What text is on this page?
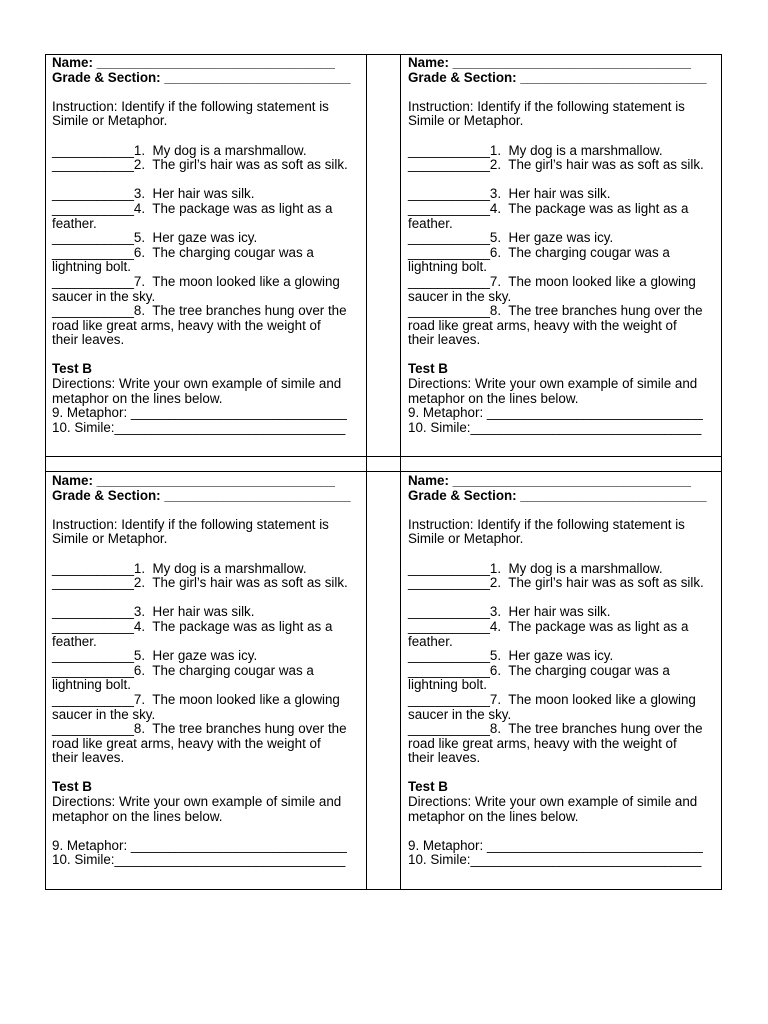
Name: ________________________________

Grade & Section: _________________________

Instruction: Identify if the following statement is

Simile or Metaphor.

___________1.  My dog is a marshmallow.

___________2.  The girl’s hair was as soft as silk.

___________3.  Her hair was silk.

___________4.  The package was as light as a

feather.

___________5.  Her gaze was icy.

___________6.  The charging cougar was a

lightning bolt.

___________7.  The moon looked like a glowing

saucer in the sky.

___________8.  The tree branches hung over the

road like great arms, heavy with the weight of

their leaves.

Test B

Directions: Write your own example of simile and

metaphor on the lines below.

9. Metaphor: _____________________________

10. Simile:_______________________________

Name: ________________________________

Grade & Section: _________________________

Instruction: Identify if the following statement is

Simile or Metaphor.

___________1.  My dog is a marshmallow.

___________2.  The girl’s hair was as soft as silk.

___________3.  Her hair was silk.

___________4.  The package was as light as a

feather.

___________5.  Her gaze was icy.

___________6.  The charging cougar was a

lightning bolt.

___________7.  The moon looked like a glowing

saucer in the sky.

___________8.  The tree branches hung over the

road like great arms, heavy with the weight of

their leaves.

Test B

Directions: Write your own example of simile and

metaphor on the lines below.

9. Metaphor: _____________________________

10. Simile:_______________________________

Name: ________________________________

Grade & Section: _________________________

Instruction: Identify if the following statement is

Simile or Metaphor.

___________1.  My dog is a marshmallow.

___________2.  The girl’s hair was as soft as silk.

___________3.  Her hair was silk.

___________4.  The package was as light as a

feather.

___________5.  Her gaze was icy.

___________6.  The charging cougar was a

lightning bolt.

___________7.  The moon looked like a glowing

saucer in the sky.

___________8.  The tree branches hung over the

road like great arms, heavy with the weight of

their leaves.

Test B

Directions: Write your own example of simile and

metaphor on the lines below.

9. Metaphor: _____________________________

10. Simile:_______________________________

Name: ________________________________

Grade & Section: _________________________

Instruction: Identify if the following statement is

Simile or Metaphor.

___________1.  My dog is a marshmallow.

___________2.  The girl’s hair was as soft as silk.

___________3.  Her hair was silk.

___________4.  The package was as light as a

feather.

___________5.  Her gaze was icy.

___________6.  The charging cougar was a

lightning bolt.

___________7.  The moon looked like a glowing

saucer in the sky.

___________8.  The tree branches hung over the

road like great arms, heavy with the weight of

their leaves.

Test B

Directions: Write your own example of simile and

metaphor on the lines below.

9. Metaphor: _____________________________

10. Simile:_______________________________
